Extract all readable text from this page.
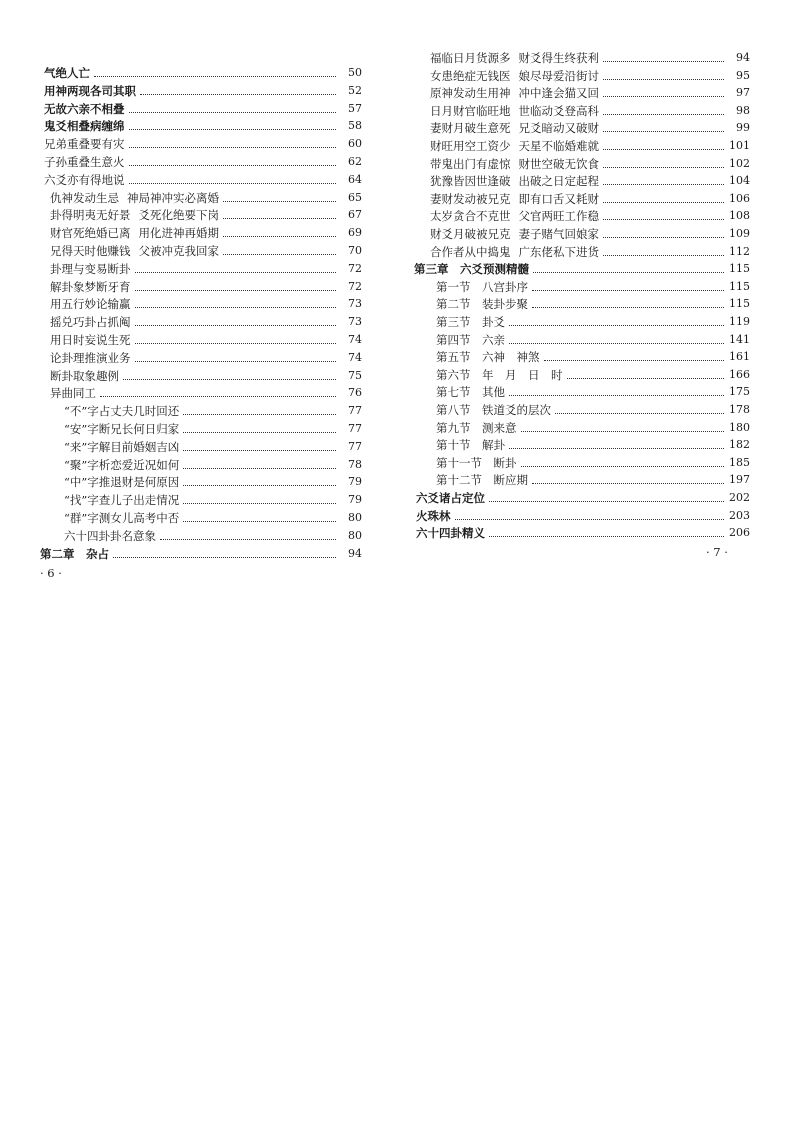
气绝人亡	50
用神两现各司其职	52
无故六亲不相叠	57
鬼爻相叠病缠绵	58
兄弟重叠要有灾	60
子孙重叠生意火	62
六爻亦有得地说	64
仇神发动生忌 神局神冲实必离婚	65
卦得明夷无好景 爻死化绝要下岗	67
财官死绝婚已离 用化进神再婚期	69
兄得天时他赚钱 父被冲克我回家	70
卦理与变易断卦	72
解卦象梦断牙育	72
用五行妙论输赢	73
摇兑巧卦占抓阄	73
用日时妄说生死	74
论卦理推演业务	74
断卦取象趣例	75
异曲同工	76
“不”字占丈夫几时回还	77
“安”字断兄长何日归家	77
“来”字解目前婚姻吉凶	77
“聚”字析恋爱近况如何	78
“中”字推退财是何原因	79
“找”字查儿子出走情况	79
“群”字测女儿高考中否	80
六十四卦卦名意象	80
第二章　杂占	94
福临日月货源多 财爻得生终获利	94
女患绝症无钱医 娘尽母爱沿街讨	95
原神发动生用神 冲中逢会猫又回	97
日月财官临旺地 世临动爻登高科	98
妻财月破生意死 兄爻暗动又破财	99
财旺用空工资少 天星不临婚难就	101
带鬼出门有虚惊 财世空破无饮食	102
犹豫皆因世逢破 出破之日定起程	104
妻财发动被兄克 即有口舌又耗财	106
太岁贪合不克世 父官两旺工作稳	108
财爻月破被兄克 妻子赌气回娘家	109
合作者从中捣鬼 广东佬私下进货	112
第三章　六爻预测精髓	115
第一节　八宫卦序	115
第二节　装卦步聚	115
第三节　卦爻	119
第四节　六亲	141
第五节　六神　神煞	161
第六节　年　月　日　时	166
第七节　其他	175
第八节　铁道爻的层次	178
第九节　测来意	180
第十节　解卦	182
第十一节　断卦	185
第十二节　断应期	197
六爻诸占定位	202
火珠林	203
六十四卦精义	206
· 6 ·
· 7 ·
